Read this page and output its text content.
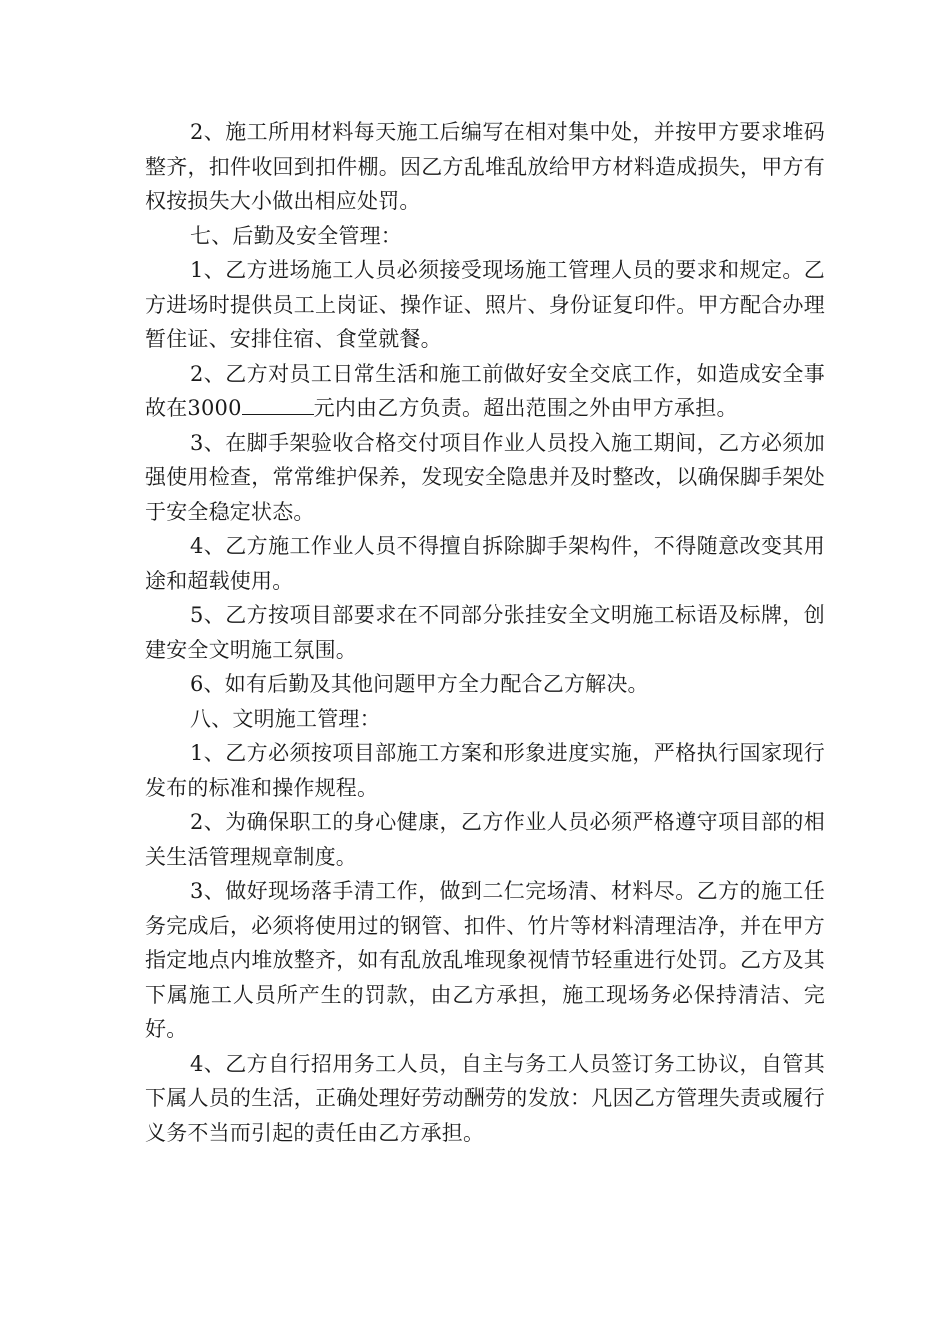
2、施工所用材料每天施工后编写在相对集中处，并按甲方要求堆码整齐，扣件收回到扣件棚。因乙方乱堆乱放给甲方材料造成损失，甲方有权按损失大小做出相应处罚。

七、后勤及安全管理：

1、乙方进场施工人员必须接受现场施工管理人员的要求和规定。乙方进场时提供员工上岗证、操作证、照片、身份证复印件。甲方配合办理暂住证、安排住宿、食堂就餐。

2、乙方对员工日常生活和施工前做好安全交底工作，如造成安全事故在3000	元内由乙方负责。超出范围之外由甲方承担。

3、在脚手架验收合格交付项目作业人员投入施工期间，乙方必须加强使用检查，常常维护保养，发现安全隐患并及时整改，以确保脚手架处于安全稳定状态。

4、乙方施工作业人员不得擅自拆除脚手架构件，不得随意改变其用途和超载使用。

5、乙方按项目部要求在不同部分张挂安全文明施工标语及标牌，创建安全文明施工氛围。

6、如有后勤及其他问题甲方全力配合乙方解决。

八、文明施工管理：

1、乙方必须按项目部施工方案和形象进度实施，严格执行国家现行发布的标准和操作规程。

2、为确保职工的身心健康，乙方作业人员必须严格遵守项目部的相关生活管理规章制度。

3、做好现场落手清工作，做到二仁完场清、材料尽。乙方的施工任务完成后，必须将使用过的钢管、扣件、竹片等材料清理洁净，并在甲方指定地点内堆放整齐，如有乱放乱堆现象视情节轻重进行处罚。乙方及其下属施工人员所产生的罚款，由乙方承担，施工现场务必保持清洁、完好。

4、乙方自行招用务工人员，自主与务工人员签订务工协议，自管其下属人员的生活，正确处理好劳动酬劳的发放：凡因乙方管理失责或履行义务不当而引起的责任由乙方承担。
